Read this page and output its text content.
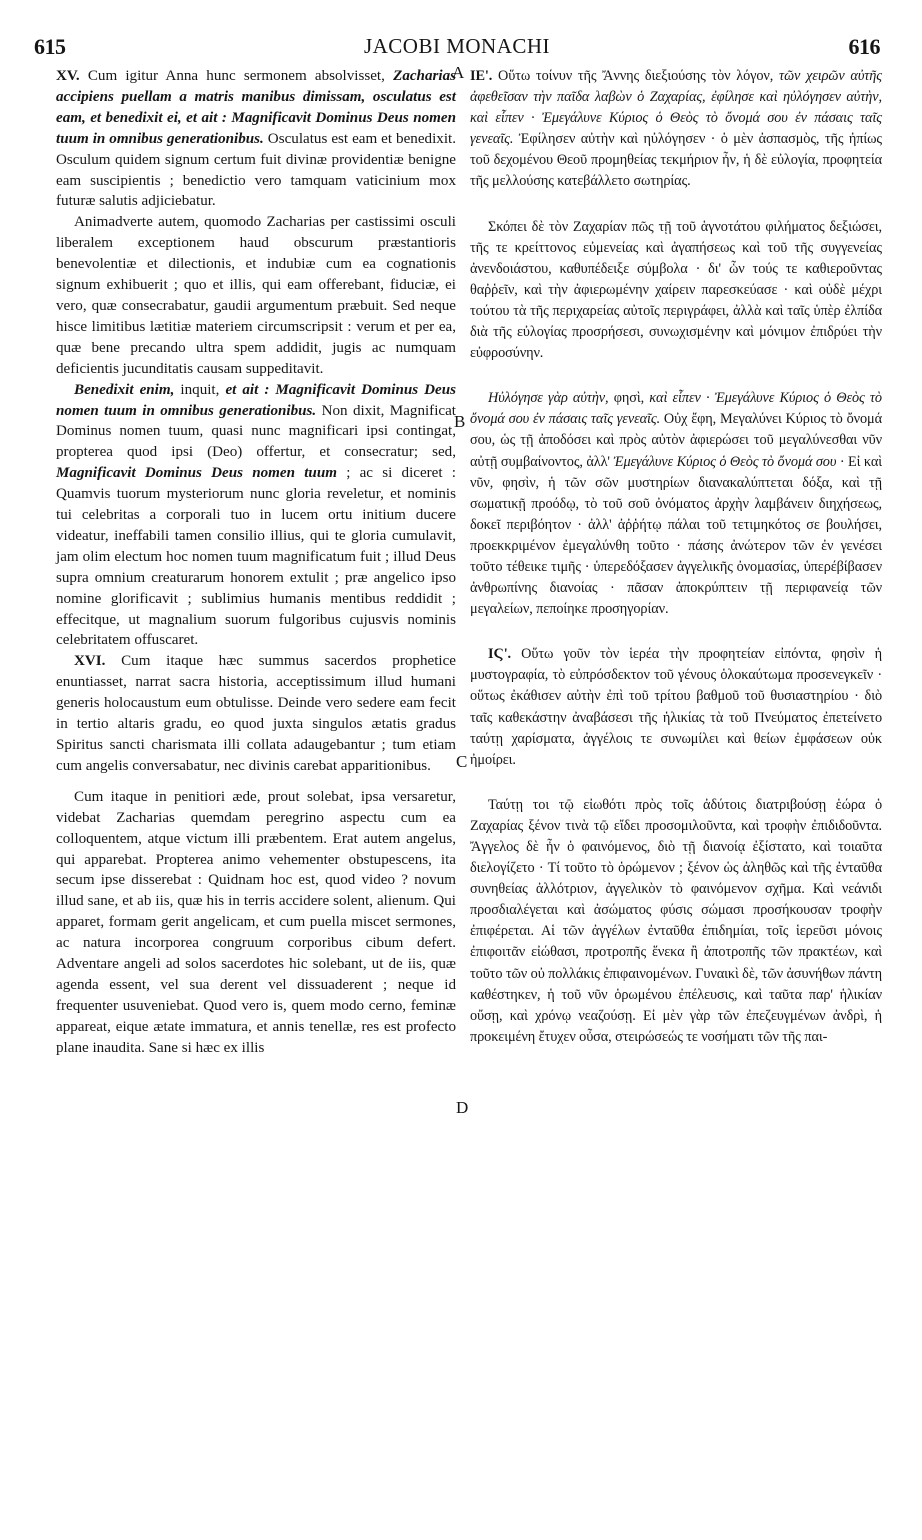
615	JACOBI MONACHI	616
A
B
C
D

XV. Cum igitur Anna hunc sermonem absolvisset, Zacharias accipiens puellam a matris manibus dimissam, osculatus est eam, et benedixit ei, et ait : Magnificavit Dominus Deus nomen tuum in omnibus generationibus. Osculatus est eam et benedixit. Osculum quidem signum certum fuit divinæ providentiæ benigne eam suscipientis ; benedictio vero tamquam vaticinium mox futuræ salutis adjiciebatur.

Animadverte autem, quomodo Zacharias per castissimi osculi liberalem exceptionem haud obscurum præstantioris benevolentiæ et dilectionis, et indubiæ cum ea cognationis signum exhibuerit ; quo et illis, qui eam offerebant, fiduciæ, ei vero, quæ consecrabatur, gaudii argumentum præbuit. Sed neque hisce limitibus lætitiæ materiem circumscripsit : verum et per ea, quæ bene precando ultra spem addidit, jugis ac numquam deficientis jucunditatis causam suppeditavit.

Benedixit enim, inquit, et ait : Magnificavit Dominus Deus nomen tuum in omnibus generationibus. Non dixit, Magnificat Dominus nomen tuum, quasi nunc magnificari ipsi contingat, propterea quod ipsi (Deo) offertur, et consecratur; sed, Magnificavit Dominus Deus nomen tuum ; ac si diceret : Quamvis tuorum mysteriorum nunc gloria reveletur, et nominis tui celebritas a corporali tuo in lucem ortu initium ducere videatur, ineffabili tamen consilio illius, qui te gloria cumulavit, jam olim electum hoc nomen tuum magnificatum fuit ; illud Deus supra omnium creaturarum honorem extulit ; præ angelico ipso nomine glorificavit ; sublimius humanis mentibus reddidit ; effecitque, ut magnalium suorum fulgoribus cujusvis nominis celebritatem offuscaret.

XVI. Cum itaque hæc summus sacerdos prophetice enuntiasset, narrat sacra historia, acceptissimum illud humani generis holocaustum eum obtulisse. Deinde vero sedere eam fecit in tertio altaris gradu, eo quod juxta singulos ætatis gradus Spiritus sancti charismata illi collata adaugebantur ; tum etiam cum angelis conversabatur, nec divinis carebat apparitionibus.

Cum itaque in penitiori æde, prout solebat, ipsa versaretur, videbat Zacharias quemdam peregrino aspectu cum ea colloquentem, atque victum illi præbentem. Erat autem angelus, qui apparebat. Propterea animo vehementer obstupescens, ita secum ipse disserebat : Quidnam hoc est, quod video ? novum illud sane, et ab iis, quæ his in terris accidere solent, alienum. Qui apparet, formam gerit angelicam, et cum puella miscet sermones, ac natura incorporea congruum corporibus cibum defert. Adventare angeli ad solos sacerdotes hic solebant, ut de iis, quæ agenda essent, vel sua derent vel dissuaderent ; neque id frequenter usuveniebat. Quod vero is, quem modo cerno, feminæ appareat, eique ætate immatura, et annis tenellæ, res est profecto plane inaudita. Sane si hæc ex illis

ΙΕ'. Οὕτω τοίνυν τῆς Ἄννης διεξιούσης τὸν λόγον, τῶν χειρῶν αὐτῆς ἀφεθεῖσαν τὴν παῖδα λαβὼν ὁ Ζαχαρίας, ἐφίλησε καὶ ηὐλόγησεν αὐτὴν, καὶ εἶπεν · Ἐμεγάλυνε Κύριος ὁ Θεὸς τὸ ὄνομά σου ἐν πάσαις ταῖς γενεαῖς. Ἐφίλησεν αὐτὴν καὶ ηὐλόγησεν · ὁ μὲν ἀσπασμὸς, τῆς ἠπίως τοῦ δεχομένου Θεοῦ προμηθείας τεκμήριον ἦν, ἡ δὲ εὐλογία, προφητεία τῆς μελλούσης κατεβάλλετο σωτηρίας.

Σκόπει δὲ τὸν Ζαχαρίαν πῶς τῇ τοῦ ἁγνοτάτου φιλήματος δεξιώσει, τῆς τε κρείττονος εὐμενείας καὶ ἀγαπήσεως καὶ τοῦ τῆς συγγενείας ἀνενδοιάστου, καθυπέδειξε σύμβολα · δι' ὧν τούς τε καθιεροῦντας θαῤῥεῖν, καὶ τὴν ἀφιερωμένην χαίρειν παρεσκεύασε · καὶ οὐδὲ μέχρι τούτου τὰ τῆς περιχαρείας αὐτοῖς περιγράφει, ἀλλὰ καὶ ταῖς ὑπὲρ ἐλπίδα διὰ τῆς εὐλογίας προσρήσεσι, συνωχισμένην καὶ μόνιμον ἐπιδρύει τὴν εὐφροσύνην.

Ηὐλόγησε γὰρ αὐτὴν, φησὶ, καὶ εἶπεν · Ἐμεγάλυνε Κύριος ὁ Θεὸς τὸ ὄνομά σου ἐν πάσαις ταῖς γενεαῖς. Οὐχ ἔφη, Μεγαλύνει Κύριος τὸ ὄνομά σου, ὡς τῇ ἀποδόσει καὶ πρὸς αὐτὸν ἀφιερώσει τοῦ μεγαλύνεσθαι νῦν αὐτῇ συμβαίνοντος, ἀλλ' Ἐμεγάλυνε Κύριος ὁ Θεὸς τὸ ὄνομά σου · Εἰ καὶ νῦν, φησὶν, ἡ τῶν σῶν μυστηρίων διανακαλύπτεται δόξα, καὶ τῇ σωματικῇ προόδῳ, τὸ τοῦ σοῦ ὀνόματος ἀρχὴν λαμβάνειν διηχήσεως, δοκεῖ περιβόητον · ἀλλ' ἀῤῥήτῳ πάλαι τοῦ τετιμηκότος σε βουλήσει, προεκκριμένον ἐμεγαλύνθη τοῦτο · πάσης ἀνώτερον τῶν ἐν γενέσει τοῦτο τέθεικε τιμῆς · ὑπερεδόξασεν ἀγγελικῆς ὀνομασίας, ὑπερέβίβασεν ἀνθρωπίνης διανοίας · πᾶσαν ἀποκρύπτειν τῇ περιφανείᾳ τῶν μεγαλείων, πεποίηκε προσηγορίαν.

ΙϚ'. Οὕτω γοῦν τὸν ἱερέα τὴν προφητείαν εἰπόντα, φησὶν ἡ μυστογραφία, τὸ εὐπρόσδεκτον τοῦ γένους ὁλοκαύτωμα προσενεγκεῖν · οὕτως ἐκάθισεν αὐτὴν ἐπὶ τοῦ τρίτου βαθμοῦ τοῦ θυσιαστηρίου · διὸ ταῖς καθεκάστην ἀναβάσεσι τῆς ἡλικίας τὰ τοῦ Πνεύματος ἐπετείνετο ταύτῃ χαρίσματα, ἀγγέλοις τε συνωμίλει καὶ θείων ἐμφάσεων οὐκ ἠμοίρει.

Ταύτῃ τοι τῷ εἰωθότι πρὸς τοῖς ἀδύτοις διατριβούσῃ ἑώρα ὁ Ζαχαρίας ξένον τινὰ τῷ εἴδει προσομιλοῦντα, καὶ τροφὴν ἐπιδιδοῦντα. Ἄγγελος δὲ ἦν ὁ φαινόμενος, διὸ τῇ διανοίᾳ ἐξίστατο, καὶ τοιαῦτα διελογίζετο · Τί τοῦτο τὸ ὁρώμενον ; ξένον ὡς ἀληθῶς καὶ τῆς ἐνταῦθα συνηθείας ἀλλότριον, ἀγγελικὸν τὸ φαινόμενον σχῆμα. Καὶ νεάνιδι προσδιαλέγεται καὶ ἀσώματος φύσις σώμασι προσήκουσαν τροφὴν ἐπιφέρεται. Αἱ τῶν ἀγγέλων ἐνταῦθα ἐπιδημίαι, τοῖς ἱερεῦσι μόνοις ἐπιφοιτᾶν εἰώθασι, προτροπῆς ἕνεκα ἢ ἀποτροπῆς τῶν πρακτέων, καὶ τοῦτο τῶν οὐ πολλάκις ἐπιφαινομένων. Γυναικὶ δὲ, τῶν ἀσυνήθων πάντη καθέστηκεν, ἡ τοῦ νῦν ὁρωμένου ἐπέλευσις, καὶ ταῦτα παρ' ἡλικίαν οὔσῃ, καὶ χρόνῳ νεαζούσῃ. Εἰ μὲν γὰρ τῶν ἐπεζευγμένων ἀνδρὶ, ἡ προκειμένη ἔτυχεν οὖσα, στειρώσεώς τε νοσήματι τῶν τῆς παι-
